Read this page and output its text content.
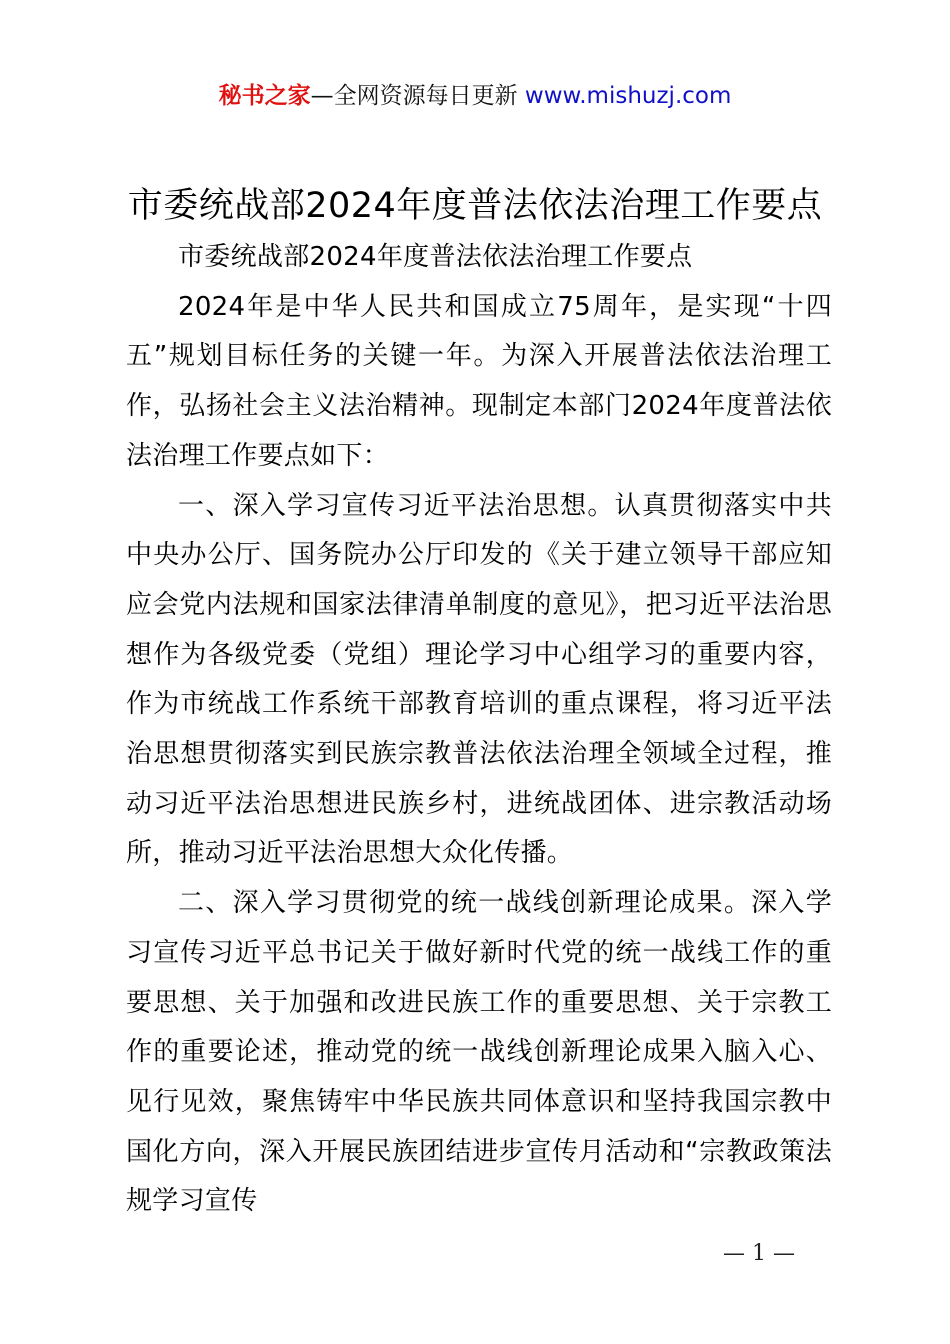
秘书之家—全网资源每日更新 www.mishuzj.com
市委统战部2024年度普法依法治理工作要点

市委统战部2024年度普法依法治理工作要点

2024年是中华人民共和国成立75周年，是实现“十四五”规划目标任务的关键一年。为深入开展普法依法治理工作，弘扬社会主义法治精神。现制定本部门2024年度普法依法治理工作要点如下：

一、深入学习宣传习近平法治思想。认真贯彻落实中共中央办公厅、国务院办公厅印发的《关于建立领导干部应知应会党内法规和国家法律清单制度的意见》，把习近平法治思想作为各级党委（党组）理论学习中心组学习的重要内容，作为市统战工作系统干部教育培训的重点课程，将习近平法治思想贯彻落实到民族宗教普法依法治理全领域全过程，推动习近平法治思想进民族乡村，进统战团体、进宗教活动场所，推动习近平法治思想大众化传播。

二、深入学习贯彻党的统一战线创新理论成果。深入学习宣传习近平总书记关于做好新时代党的统一战线工作的重要思想、关于加强和改进民族工作的重要思想、关于宗教工作的重要论述，推动党的统一战线创新理论成果入脑入心、见行见效，聚焦铸牢中华民族共同体意识和坚持我国宗教中国化方向，深入开展民族团结进步宣传月活动和“宗教政策法规学习宣传

— 1 —
